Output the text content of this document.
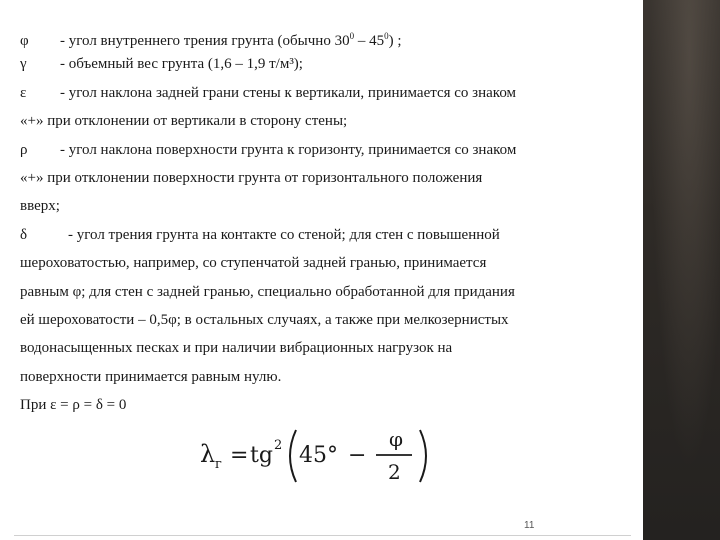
φ - угол внутреннего трения грунта (обычно $30^0 - 45^0$) ;
γ - объемный вес грунта (1,6 – 1,9 т/м³);
ε - угол наклона задней грани стены к вертикали, принимается со знаком
«+» при отклонении от вертикали в сторону стены;
ρ - угол наклона поверхности грунта к горизонту, принимается со знаком
«+» при отклонении поверхности грунта от горизонтального положения
вверх;
δ	- угол трения грунта на контакте со стеной; для стен с повышенной
шероховатостью, например, со ступенчатой задней гранью, принимается
равным φ; для стен с задней гранью, специально обработанной для придания
ей шероховатости – 0,5φ; в остальных случаях, а также при мелкозернистых
водонасыщенных песках и при наличии вибрационных нагрузок на
поверхности принимается равным нулю.
При ε = ρ = δ = 0
λ г = tg 2 45° −
φ
2
11
